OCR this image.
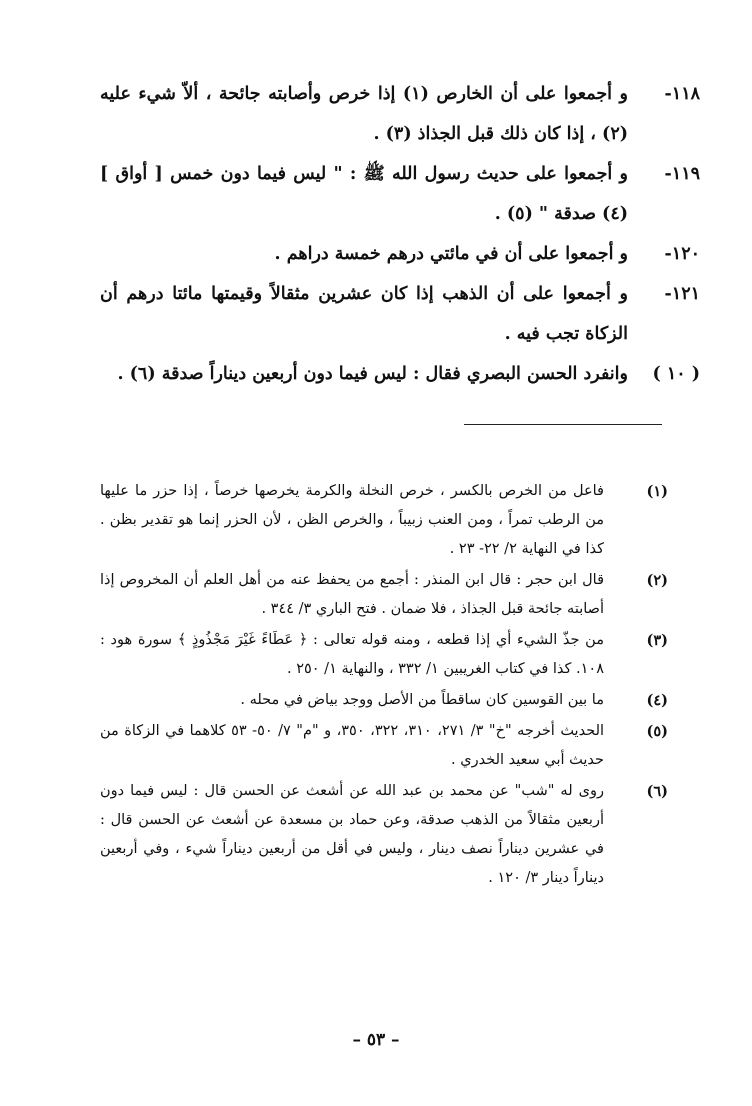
١١٨-
و أجمعوا على أن الخارص (١) إذا خرص وأصابته جائحة ، ألاّ شيء عليه (٢) ، إذا كان ذلك قبل الجذاذ (٣) .
١١٩-
و أجمعوا على حديث رسول الله ﷺ : " ليس فيما دون خمس [ أواق ] (٤) صدقة " (٥) .
١٢٠-
و أجمعوا على أن في مائتي درهم خمسة دراهم .
١٢١-
و أجمعوا على أن الذهب إذا كان عشرين مثقالاً وقيمتها مائتا درهم أن الزكاة تجب فيه .
( ١٠ )
وانفرد الحسن البصري فقال : ليس فيما دون أربعين ديناراً صدقة (٦) .
(١)
فاعل من الخرص بالكسر ، خرص النخلة والكرمة يخرصها خرصاً ، إذا حزر ما عليها من الرطب تمراً ، ومن العنب زبيباً ، والخرص الظن ، لأن الحزر إنما هو تقدير بظن . كذا في النهاية ٢/ ٢٢- ٢٣ .
(٢)
قال ابن حجر : قال ابن المنذر : أجمع من يحفظ عنه من أهل العلم أن المخروص إذا أصابته جائحة قبل الجذاذ ، فلا ضمان . فتح الباري ٣/ ٣٤٤ .
(٣)
من جذّ الشيء أي إذا قطعه ، ومنه قوله تعالى : ﴿ عَطَاءً غَيْرَ مَجْذُوذٍ ﴾ سورة هود : ١٠٨. كذا في كتاب الغريبين ١/ ٣٣٢ ، والنهاية ١/ ٢٥٠ .
(٤)
ما بين القوسين كان ساقطاً من الأصل ووجد بياض في محله .
(٥)
الحديث أخرجه "خ" ٣/ ٢٧١، ٣١٠، ٣٢٢، ٣٥٠، و "م" ٧/ ٥٠- ٥٣ كلاهما في الزكاة من حديث أبي سعيد الخدري .
(٦)
روى له "شب" عن محمد بن عبد الله عن أشعث عن الحسن قال : ليس فيما دون أربعين مثقالاً من الذهب صدقة، وعن حماد بن مسعدة عن أشعث عن الحسن قال : في عشرين ديناراً نصف دينار ، وليس في أقل من أربعين ديناراً شيء ، وفي أربعين ديناراً دينار ٣/ ١٢٠ .
– ٥٣ –
